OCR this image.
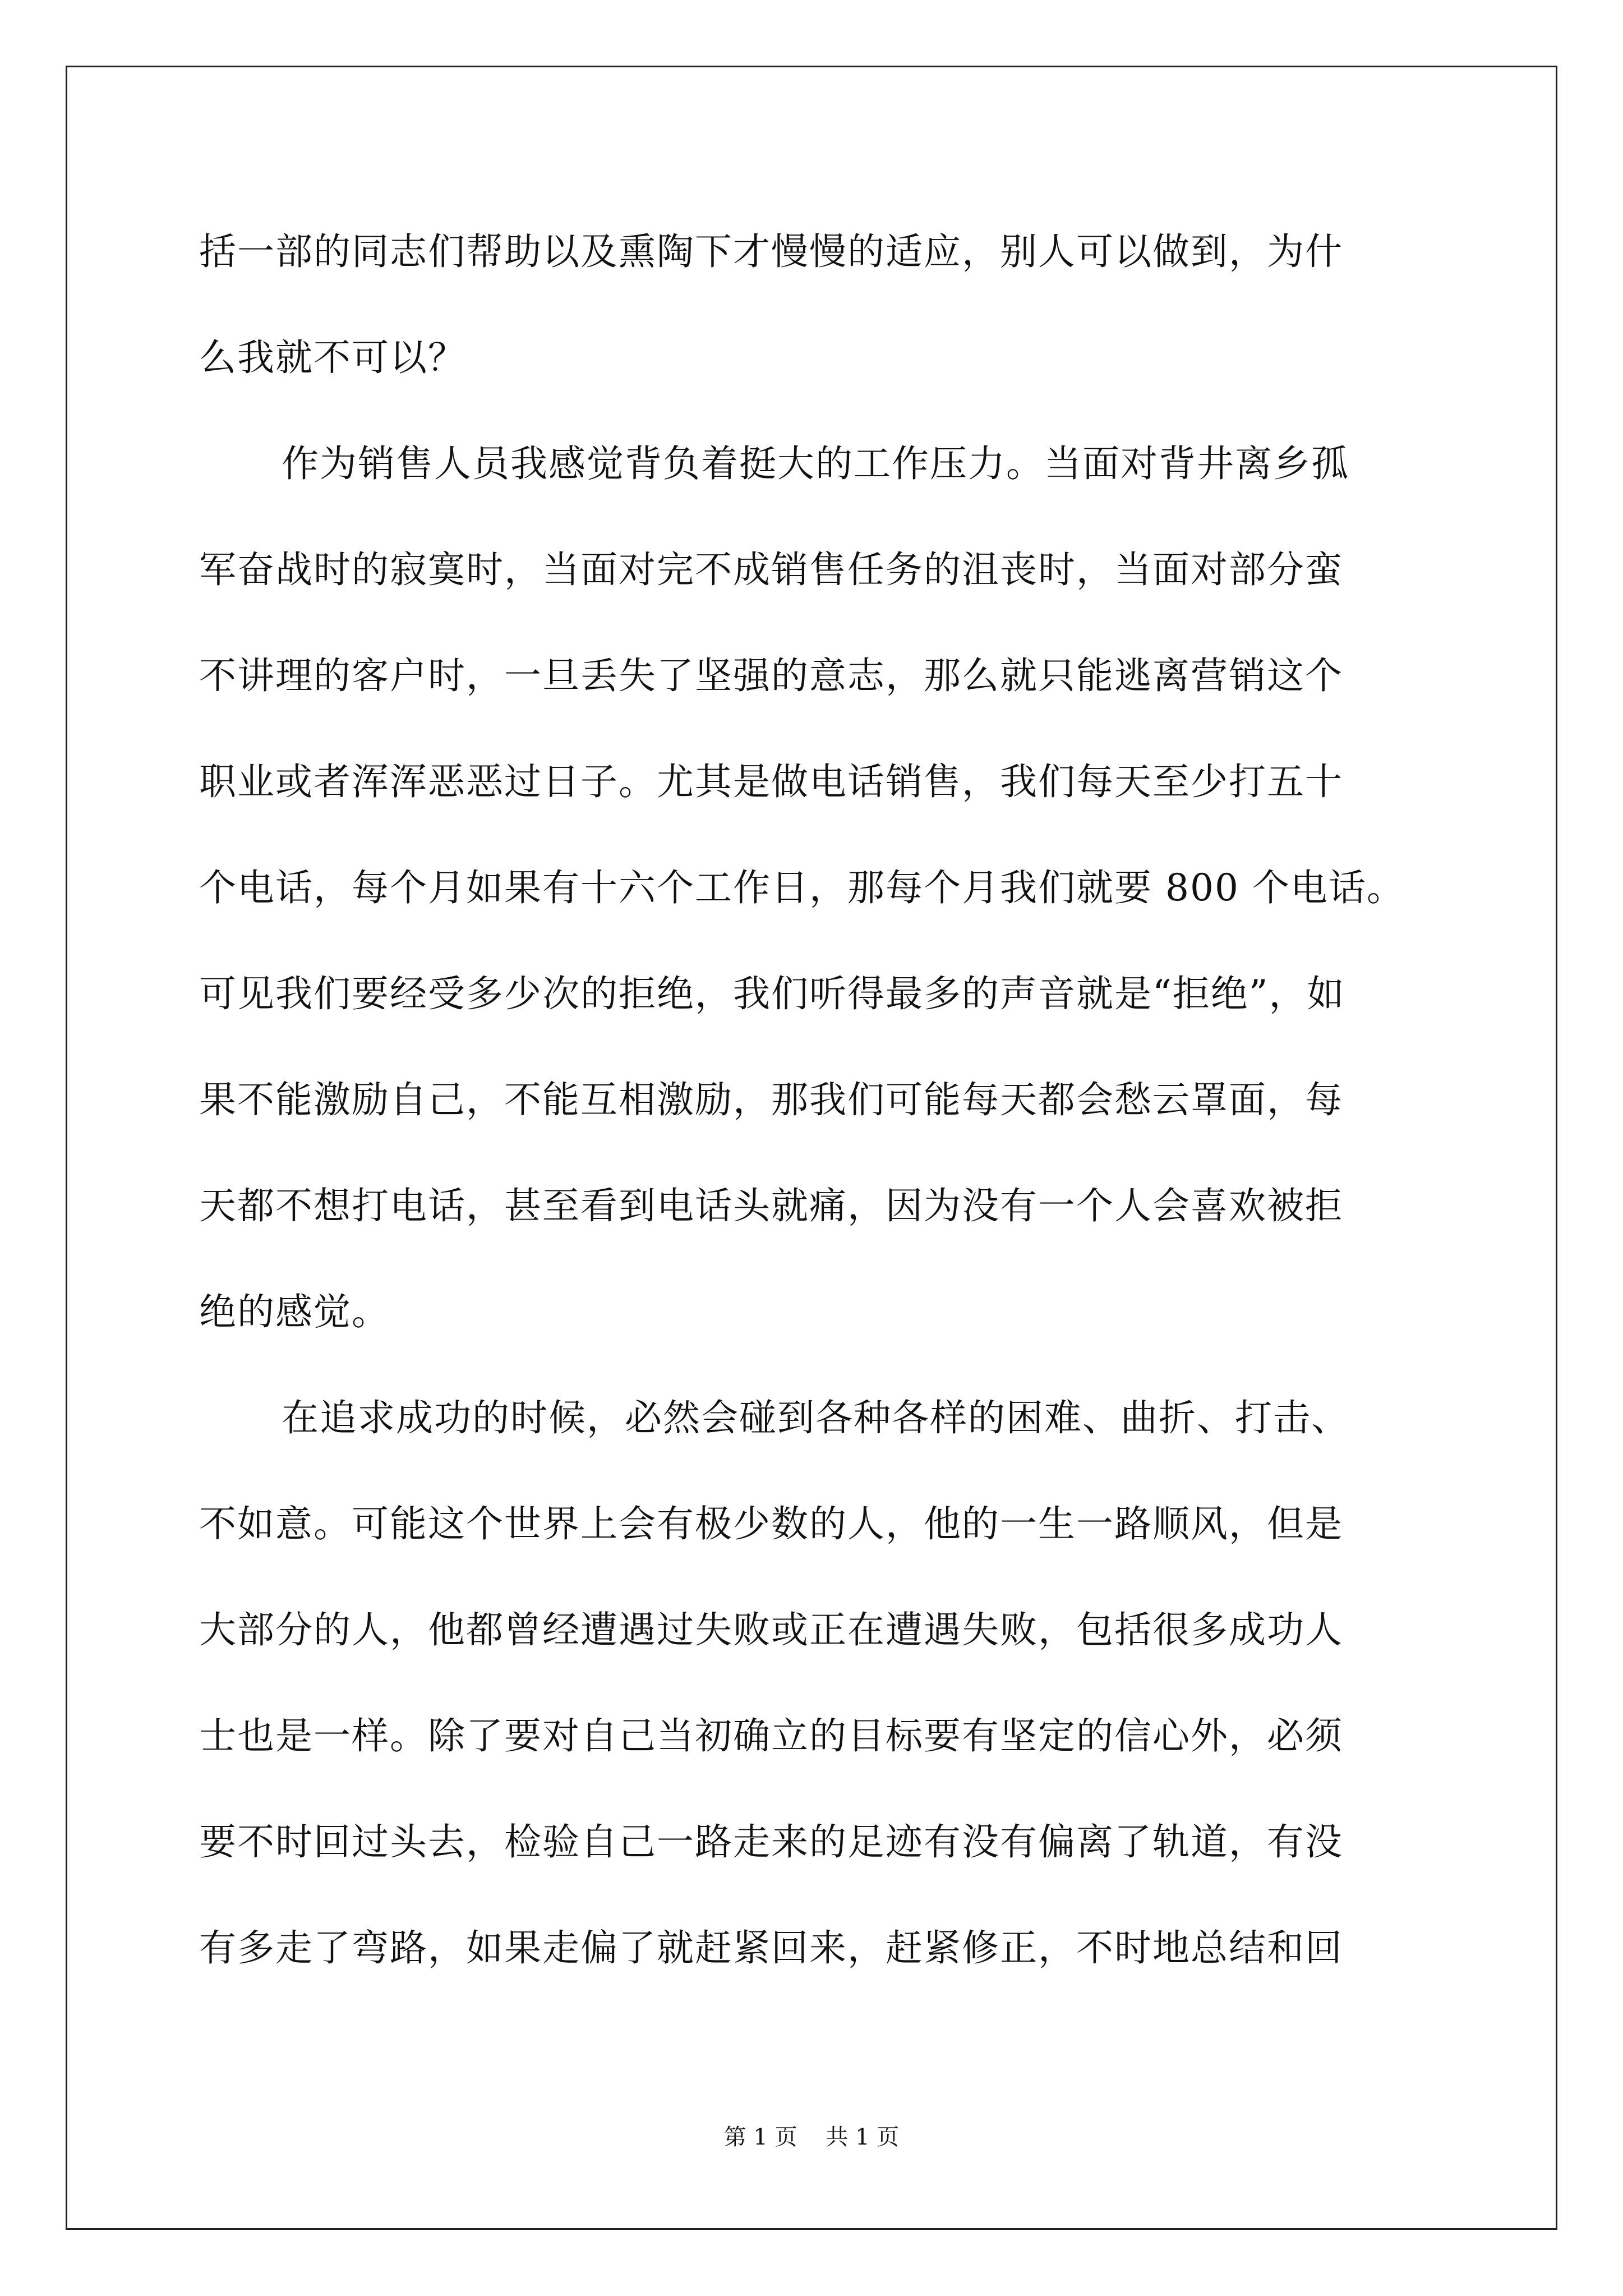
括一部的同志们帮助以及熏陶下才慢慢的适应，别人可以做到，为什
么我就不可以？
作为销售人员我感觉背负着挺大的工作压力。当面对背井离乡孤
军奋战时的寂寞时，当面对完不成销售任务的沮丧时，当面对部分蛮
不讲理的客户时，一旦丢失了坚强的意志，那么就只能逃离营销这个
职业或者浑浑恶恶过日子。尤其是做电话销售，我们每天至少打五十
个电话，每个月如果有十六个工作日，那每个月我们就要 800 个电话。
可见我们要经受多少次的拒绝，我们听得最多的声音就是“拒绝”，如
果不能激励自己，不能互相激励，那我们可能每天都会愁云罩面，每
天都不想打电话，甚至看到电话头就痛，因为没有一个人会喜欢被拒
绝的感觉。
在追求成功的时候，必然会碰到各种各样的困难、曲折、打击、
不如意。可能这个世界上会有极少数的人，他的一生一路顺风，但是
大部分的人，他都曾经遭遇过失败或正在遭遇失败，包括很多成功人
士也是一样。除了要对自己当初确立的目标要有坚定的信心外，必须
要不时回过头去，检验自己一路走来的足迹有没有偏离了轨道，有没
有多走了弯路，如果走偏了就赶紧回来，赶紧修正，不时地总结和回
第 1 页    共 1 页
